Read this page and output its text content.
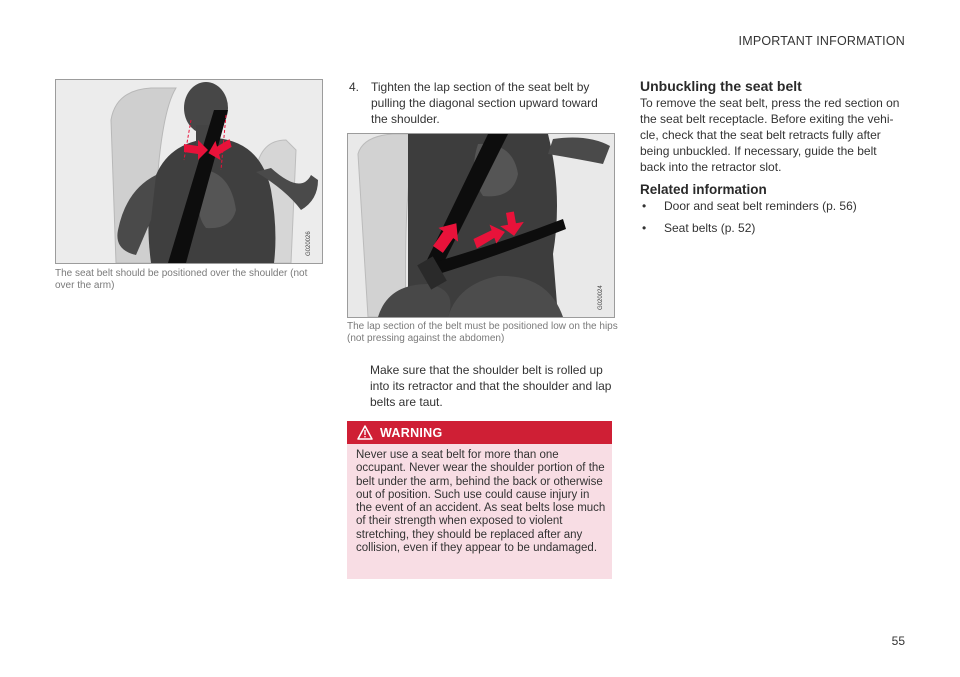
IMPORTANT INFORMATION
G020026
The seat belt should be positioned over the shoulder (not over the arm)
4. Tighten the lap section of the seat belt by pulling the diagonal section upward toward the shoulder.
G020024
The lap section of the belt must be positioned low on the hips (not pressing against the abdomen)
Make sure that the shoulder belt is rolled up into its retractor and that the shoulder and lap belts are taut.
WARNING
Never use a seat belt for more than one occupant. Never wear the shoulder portion of the belt under the arm, behind the back or otherwise out of position. Such use could cause injury in the event of an accident. As seat belts lose much of their strength when exposed to violent stretching, they should be replaced after any collision, even if they appear to be undamaged.
Unbuckling the seat belt
To remove the seat belt, press the red section on the seat belt receptacle. Before exiting the vehi-cle, check that the seat belt retracts fully after being unbuckled. If necessary, guide the belt back into the retractor slot.
Related information
• Door and seat belt reminders (p. 56)
• Seat belts (p. 52)
55
